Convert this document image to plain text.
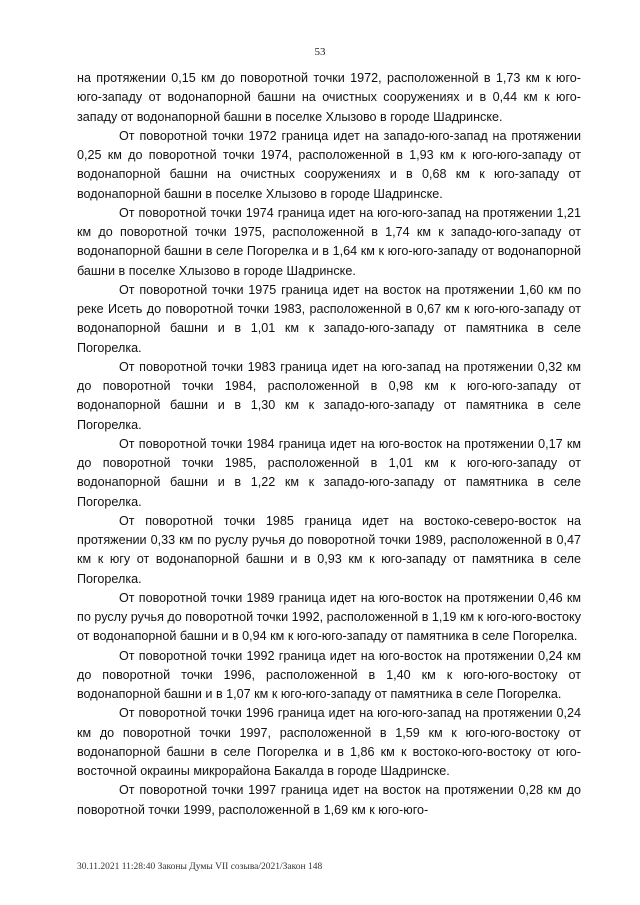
53

на протяжении 0,15 км до поворотной точки 1972, расположенной в 1,73 км к юго-юго-западу от водонапорной башни на очистных сооружениях и в 0,44 км к юго-западу от водонапорной башни в поселке Хлызово в городе Шадринске.

От поворотной точки 1972 граница идет на западо-юго-запад на протяжении 0,25 км до поворотной точки 1974, расположенной в 1,93 км к юго-юго-западу от водонапорной башни на очистных сооружениях и в 0,68 км к юго-западу от водонапорной башни в поселке Хлызово в городе Шадринске.

От поворотной точки 1974 граница идет на юго-юго-запад на протяжении 1,21 км до поворотной точки 1975, расположенной в 1,74 км к западо-юго-западу от водонапорной башни в селе Погорелка и в 1,64 км к юго-юго-западу от водонапорной башни в поселке Хлызово в городе Шадринске.

От поворотной точки 1975 граница идет на восток на протяжении 1,60 км по реке Исеть до поворотной точки 1983, расположенной в 0,67 км к юго-юго-западу от водонапорной башни и в 1,01 км к западо-юго-западу от памятника в селе Погорелка.

От поворотной точки 1983 граница идет на юго-запад на протяжении 0,32 км до поворотной точки 1984, расположенной в 0,98 км к юго-юго-западу от водонапорной башни и в 1,30 км к западо-юго-западу от памятника в селе Погорелка.

От поворотной точки 1984 граница идет на юго-восток на протяжении 0,17 км до поворотной точки 1985, расположенной в 1,01 км к юго-юго-западу от водонапорной башни и в 1,22 км к западо-юго-западу от памятника в селе Погорелка.

От поворотной точки 1985 граница идет на востоко-северо-восток на протяжении 0,33 км по руслу ручья до поворотной точки 1989, расположенной в 0,47 км к югу от водонапорной башни и в 0,93 км к юго-западу от памятника в селе Погорелка.

От поворотной точки 1989 граница идет на юго-восток на протяжении 0,46 км по руслу ручья до поворотной точки 1992, расположенной в 1,19 км к юго-юго-востоку от водонапорной башни и в 0,94 км к юго-юго-западу от памятника в селе Погорелка.

От поворотной точки 1992 граница идет на юго-восток на протяжении 0,24 км до поворотной точки 1996, расположенной в 1,40 км к юго-юго-востоку от водонапорной башни и в 1,07 км к юго-юго-западу от памятника в селе Погорелка.

От поворотной точки 1996 граница идет на юго-юго-запад на протяжении 0,24 км до поворотной точки 1997, расположенной в 1,59 км к юго-юго-востоку от водонапорной башни в селе Погорелка и в 1,86 км к востоко-юго-востоку от юго-восточной окраины микрорайона Бакалда в городе Шадринске.

От поворотной точки 1997 граница идет на восток на протяжении 0,28 км до поворотной точки 1999, расположенной в 1,69 км к юго-юго-

30.11.2021 11:28:40 Законы Думы VII созыва/2021/Закон 148
